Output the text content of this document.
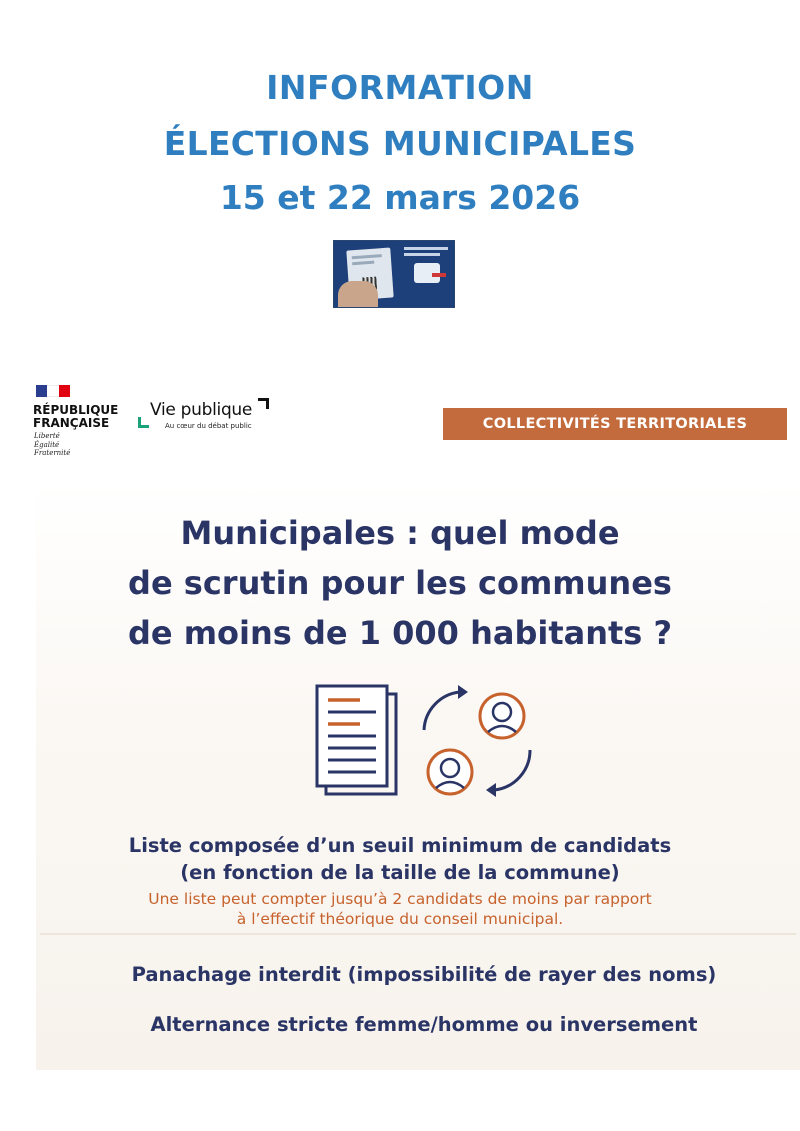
INFORMATION
ÉLECTIONS MUNICIPALES
15 et 22 mars 2026
RÉPUBLIQUE
FRANÇAISE
Liberté
Égalité
Fraternité
Vie publique
Au cœur du débat public	COLLECTIVITÉS TERRITORIALES
Municipales : quel mode
de scrutin pour les communes
de moins de 1 000 habitants ?
Liste composée d’un seuil minimum de candidats
(en fonction de la taille de la commune)
Une liste peut compter jusqu’à 2 candidats de moins par rapport
à l’effectif théorique du conseil municipal.
Panachage interdit (impossibilité de rayer des noms)
Alternance stricte femme/homme ou inversement
